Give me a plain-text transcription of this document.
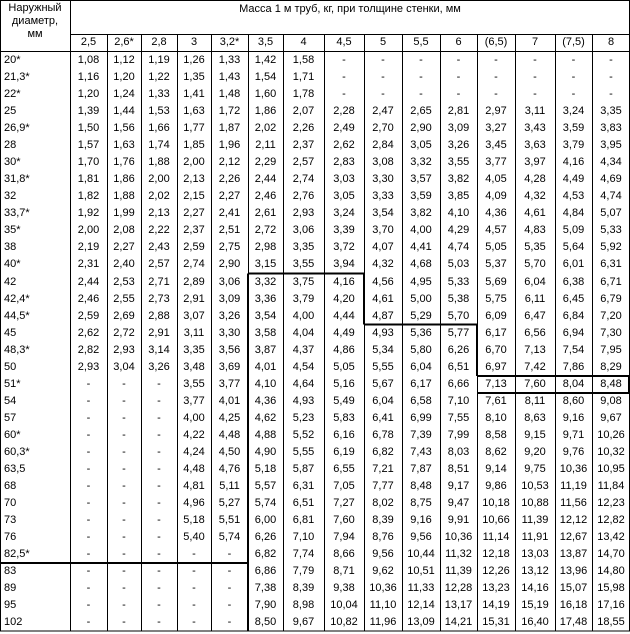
Наружный
диаметр,
мм
Масса 1 м труб, кг, при толщине стенки, мм
2,5	2,6*	2,8	3	3,2*	3,5	4	4,5	5	5,5	6	(6,5)	7	(7,5)	8
20*	1,08	1,12	1,19	1,26	1,33	1,42	1,58	-	-	-	-	-	-	-	-
21,3*	1,16	1,20	1,22	1,35	1,43	1,54	1,71	-	-	-	-	-	-	-	-
22*	1,20	1,24	1,33	1,41	1,48	1,60	1,78	-	-	-	-	-	-	-	-
25	1,39	1,44	1,53	1,63	1,72	1,86	2,07	2,28	2,47	2,65	2,81	2,97	3,11	3,24	3,35
26,9*	1,50	1,56	1,66	1,77	1,87	2,02	2,26	2,49	2,70	2,90	3,09	3,27	3,43	3,59	3,83
28	1,57	1,63	1,74	1,85	1,96	2,11	2,37	2,62	2,84	3,05	3,26	3,45	3,63	3,79	3,95
30*	1,70	1,76	1,88	2,00	2,12	2,29	2,57	2,83	3,08	3,32	3,55	3,77	3,97	4,16	4,34
31,8*	1,81	1,86	2,00	2,13	2,26	2,44	2,74	3,03	3,30	3,57	3,82	4,05	4,28	4,49	4,69
32	1,82	1,88	2,02	2,15	2,27	2,46	2,76	3,05	3,33	3,59	3,85	4,09	4,32	4,53	4,74
33,7*	1,92	1,99	2,13	2,27	2,41	2,61	2,93	3,24	3,54	3,82	4,10	4,36	4,61	4,84	5,07
35*	2,00	2,08	2,22	2,37	2,51	2,72	3,06	3,39	3,70	4,00	4,29	4,57	4,83	5,09	5,33
38	2,19	2,27	2,43	2,59	2,75	2,98	3,35	3,72	4,07	4,41	4,74	5,05	5,35	5,64	5,92
40*	2,31	2,40	2,57	2,74	2,90	3,15	3,55	3,94	4,32	4,68	5,03	5,37	5,70	6,01	6,31
42	2,44	2,53	2,71	2,89	3,06	3,32	3,75	4,16	4,56	4,95	5,33	5,69	6,04	6,38	6,71
42,4*	2,46	2,55	2,73	2,91	3,09	3,36	3,79	4,20	4,61	5,00	5,38	5,75	6,11	6,45	6,79
44,5*	2,59	2,69	2,88	3,07	3,26	3,54	4,00	4,44	4,87	5,29	5,70	6,09	6,47	6,84	7,20
45	2,62	2,72	2,91	3,11	3,30	3,58	4,04	4,49	4,93	5,36	5,77	6,17	6,56	6,94	7,30
48,3*	2,82	2,93	3,14	3,35	3,56	3,87	4,37	4,86	5,34	5,80	6,26	6,70	7,13	7,54	7,95
50	2,93	3,04	3,26	3,48	3,69	4,01	4,54	5,05	5,55	6,04	6,51	6,97	7,42	7,86	8,29
51*	-	-	-	3,55	3,77	4,10	4,64	5,16	5,67	6,17	6,66	7,13	7,60	8,04	8,48
54	-	-	-	3,77	4,01	4,36	4,93	5,49	6,04	6,58	7,10	7,61	8,11	8,60	9,08
57	-	-	-	4,00	4,25	4,62	5,23	5,83	6,41	6,99	7,55	8,10	8,63	9,16	9,67
60*	-	-	-	4,22	4,48	4,88	5,52	6,16	6,78	7,39	7,99	8,58	9,15	9,71	10,26
60,3*	-	-	-	4,24	4,50	4,90	5,55	6,19	6,82	7,43	8,03	8,62	9,20	9,76	10,32
63,5	-	-	-	4,48	4,76	5,18	5,87	6,55	7,21	7,87	8,51	9,14	9,75	10,36 10,95
68	-	-	-	4,81	5,11	5,57	6,31	7,05	7,77	8,48	9,17	9,86	10,53	11,19 11,84
70	-	-	-	4,96	5,27	5,74	6,51	7,27	8,02	8,75	9,47	10,18	10,88	11,56 12,23
73	-	-	-	5,18	5,51	6,00	6,81	7,60	8,39	9,16	9,91	10,66	11,39	12,12 12,82
76	-	-	-	5,40	5,74	6,26	7,10	7,94	8,76	9,56	10,36 11,14	11,91	12,67 13,42
82,5*	-	-	-	-	-	6,82	7,74	8,66	9,56	10,44 11,32 12,18	13,03 13,87 14,70
83	-	-	-	-	-	6,86	7,79	8,71	9,62	10,51 11,39 12,26	13,12 13,96 14,80
89	-	-	-	-	-	7,38	8,39	9,38	10,36 11,33 12,28 13,23	14,16 15,07 15,98
95	-	-	-	-	-	7,90	8,98	10,04	11,10 12,14 13,17 14,19	15,19 16,18 17,16
102	-	-	-	-	-	8,50	9,67	10,82	11,96 13,09 14,21 15,31	16,40 17,48 18,55
